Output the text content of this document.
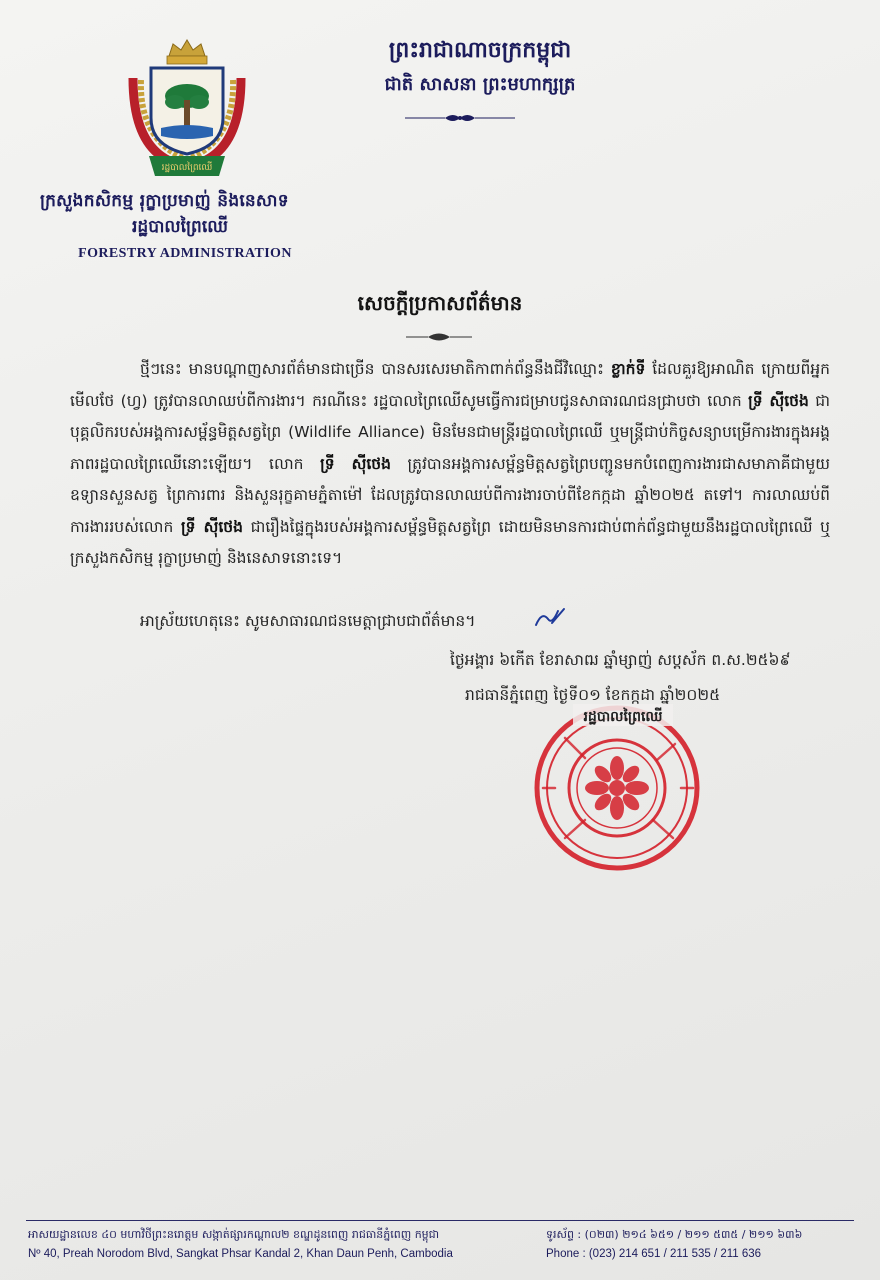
រដ្ឋបាលព្រៃឈើ
ក្រសួងកសិកម្ម រុក្ខាប្រមាញ់ និងនេសាទ
រដ្ឋបាលព្រៃឈើ
FORESTRY ADMINISTRATION
ព្រះរាជាណាចក្រកម្ពុជា
ជាតិ សាសនា ព្រះមហាក្សត្រ
សេចក្តីប្រកាសព័ត៌មាន

ថ្មីៗនេះ មានបណ្តាញសារព័ត៌មានជាច្រើន បានសរសេរមាតិកាពាក់ព័ន្ធនឹងជីវិឈ្មោះ ខ្លាក់ទី ដែលគួរឱ្យអាណិត ក្រោយពីអ្នកមើលថែ (ហ្វ) ត្រូវបានលាឈប់ពីការងារ។ ករណីនេះ រដ្ឋបាលព្រៃឈើសូមធ្វើការជម្រាបជូនសាធារណជនជ្រាបថា លោក ទ្រី ស៊ីថេង ជាបុគ្គលិករបស់អង្គការសម្ព័ន្ធមិត្តសត្វព្រៃ (Wildlife Alliance) មិនមែនជាមន្ត្រីរដ្ឋបាលព្រៃឈើ ឬមន្ត្រីជាប់កិច្ចសន្យាបម្រើការងារក្នុងអង្គភាពរដ្ឋបាលព្រៃឈើនោះឡើយ។ លោក ទ្រី ស៊ីថេង ត្រូវបានអង្គការសម្ព័ន្ធមិត្តសត្វព្រៃបញ្ជូនមកបំពេញការងារជាសមាភាគីជាមួយឧទ្យានសួនសត្វ ព្រៃការពារ និងសួនរុក្ខគាមភ្នំតាម៉ៅ ដែលត្រូវបានលាឈប់ពីការងារចាប់ពីខែកក្កដា ឆ្នាំ២០២៥ តទៅ។ ការលាឈប់ពីការងាររបស់លោក ទ្រី ស៊ីថេង ជារឿងផ្ទៃក្នុងរបស់អង្គការសម្ព័ន្ធមិត្តសត្វព្រៃ ដោយមិនមានការជាប់ពាក់ព័ន្ធជាមួយនឹងរដ្ឋបាលព្រៃឈើ ឬក្រសួងកសិកម្ម រុក្ខាប្រមាញ់ និងនេសាទនោះទេ។

អាស្រ័យហេតុនេះ សូមសាធារណជនមេត្តាជ្រាបជាព័ត៌មាន។
ថ្ងៃអង្គារ ៦កើត ខែរាសាឍ ឆ្នាំម្សាញ់ សប្តស័ក ព.ស.២៥៦៩
រាជធានីភ្នំពេញ ថ្ងៃទី០១ ខែកក្កដា ឆ្នាំ២០២៥
រដ្ឋបាលព្រៃឈើ
អាសយដ្ឋានលេខ ៤០ មហាវិថីព្រះនរោត្តម សង្កាត់ផ្សារកណ្តាល២ ខណ្ឌដូនពេញ រាជធានីភ្នំពេញ កម្ពុជា
Nº 40, Preah Norodom Blvd, Sangkat Phsar Kandal 2, Khan Daun Penh, Cambodia
ទូរស័ព្ទ : (០២៣) ២១៤ ៦៥១ / ២១១ ៥៣៥ / ២១១ ៦៣៦
Phone : (023) 214 651 / 211 535 / 211 636
